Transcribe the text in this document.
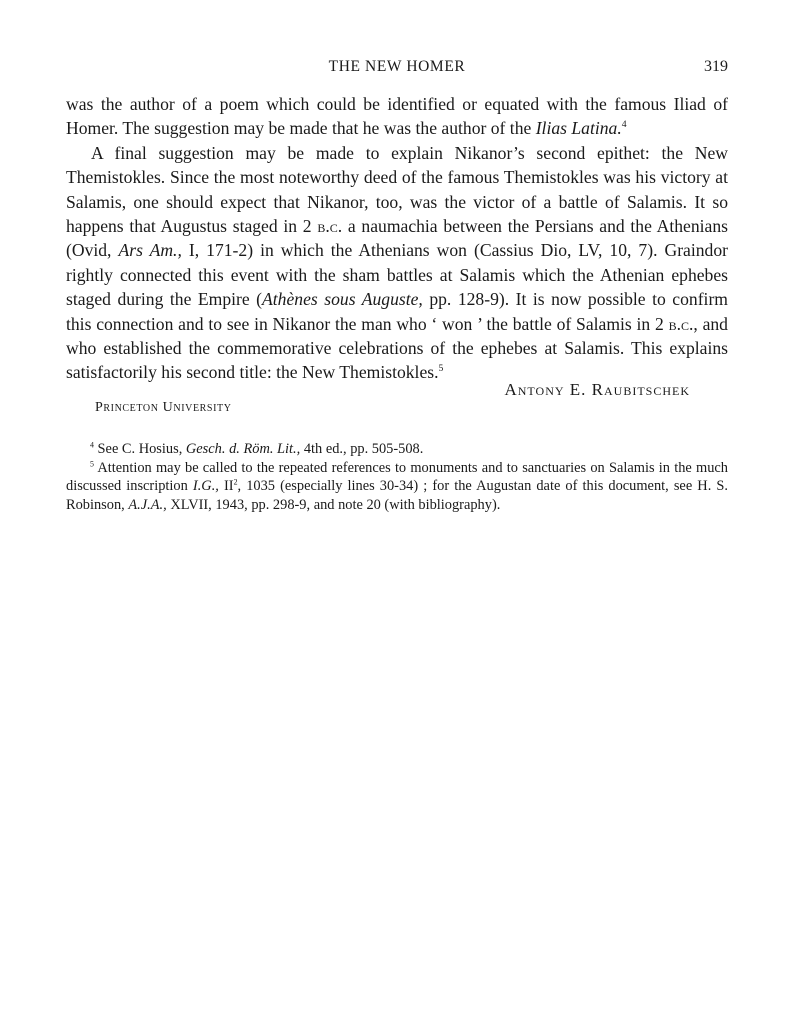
THE NEW HOMER	319

was the author of a poem which could be identified or equated with the famous Iliad of Homer. The suggestion may be made that he was the author of the Ilias Latina.$^4$

A final suggestion may be made to explain Nikanor’s second epithet: the New Themistokles. Since the most noteworthy deed of the famous Themistokles was his victory at Salamis, one should expect that Nikanor, too, was the victor of a battle of Salamis. It so happens that Augustus staged in 2 b.c. a naumachia between the Persians and the Athenians (Ovid, Ars Am., I, 171-2) in which the Athenians won (Cassius Dio, LV, 10, 7). Graindor rightly connected this event with the sham battles at Salamis which the Athenian ephebes staged during the Empire (Athènes sous Auguste, pp. 128-9). It is now possible to confirm this connection and to see in Nikanor the man who ‘ won ’ the battle of Salamis in 2 b.c., and who established the commemorative celebrations of the ephebes at Salamis. This explains satisfactorily his second title: the New Themistokles.$^5$

Antony E. Raubitschek
Princeton University

$^4$ See C. Hosius, Gesch. d. Röm. Lit., 4th ed., pp. 505-508.

$^5$ Attention may be called to the repeated references to monuments and to sanctuaries on Salamis in the much discussed inscription I.G., $II^2$, 1035 (especially lines 30-34) ; for the Augustan date of this document, see H. S. Robinson, A.J.A., XLVII, 1943, pp. 298-9, and note 20 (with bibliography).
